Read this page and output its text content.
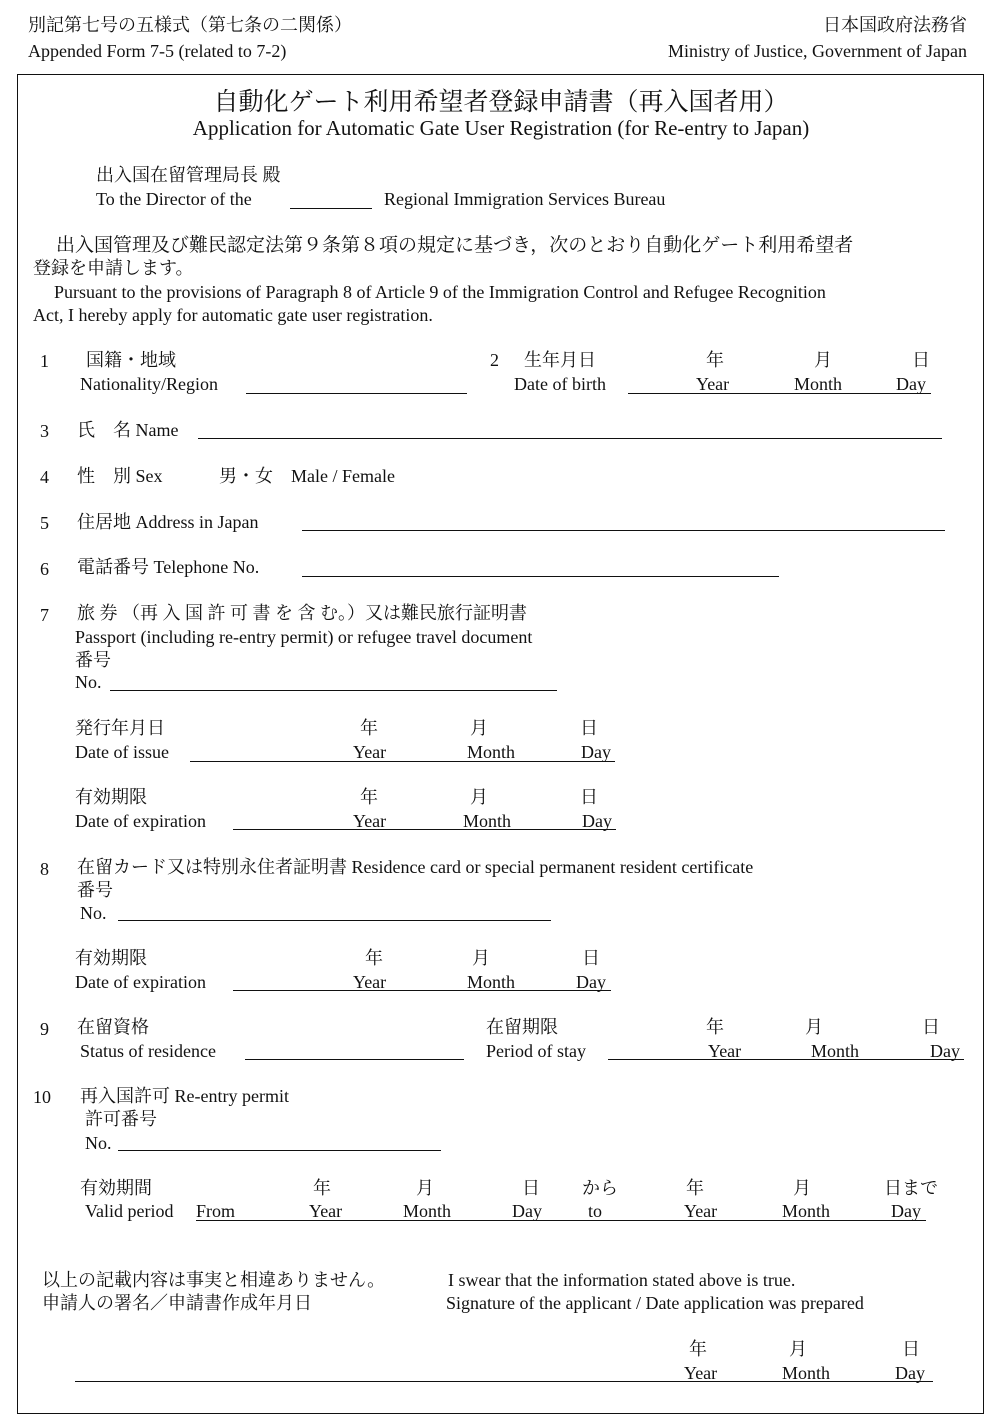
別記第七号の五様式（第七条の二関係）
Appended Form 7-5 (related to 7-2)
日本国政府法務省
Ministry of Justice, Government of Japan
自動化ゲート利用希望者登録申請書（再入国者用）
Application for Automatic Gate User Registration (for Re-entry to Japan)
出入国在留管理局長 殿
To the Director of the	Regional Immigration Services Bureau
出入国管理及び難民認定法第９条第８項の規定に基づき，次のとおり自動化ゲート利用希望者
登録を申請します。
Pursuant to the provisions of Paragraph 8 of Article 9 of the Immigration Control and Refugee Recognition
Act, I hereby apply for automatic gate user registration.
1 国籍・地域
Nationality/Region
2 生年月日
Date of birth
年	月	日
Year	Month	Day
3 氏　名 Name
4 性　別 Sex	男・女　Male / Female
5 住居地 Address in Japan
6 電話番号 Telephone No.
7 旅 券 （再 入 国 許 可 書 を 含 む。）又は難民旅行証明書
Passport (including re-entry permit) or refugee travel document
番号
No.
発行年月日
Date of issue
年	月	日
Year	Month	Day
有効期限
Date of expiration
年	月	日
Year	Month	Day
8 在留カード又は特別永住者証明書 Residence card or special permanent resident certificate
番号
No.
有効期限
Date of expiration
年	月	日
Year	Month	Day
9 在留資格
Status of residence
在留期限
Period of stay
年	月	日
Year	Month	Day
10 再入国許可 Re-entry permit
許可番号
No.
有効期間
Valid period
年	月	日 から	年	月	日まで
From	Year	Month	Day	to	Year	Month	Day
以上の記載内容は事実と相違ありません。	I swear that the information stated above is true.
申請人の署名／申請書作成年月日	Signature of the applicant / Date application was prepared
年	月	日
Year	Month	Day
